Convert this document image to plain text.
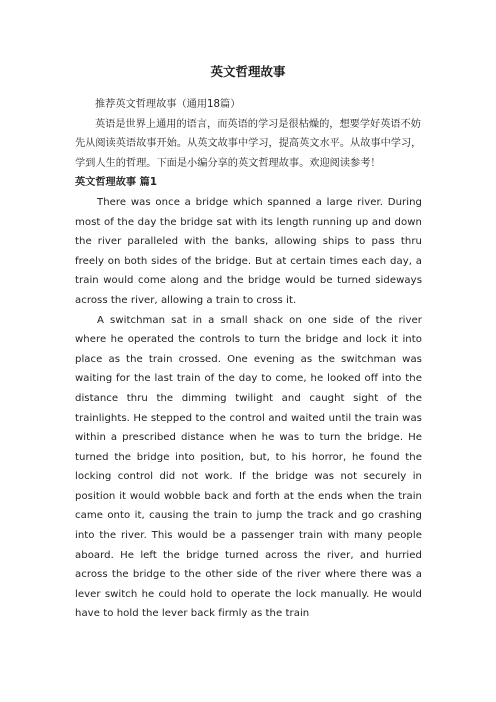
英文哲理故事

推荐英文哲理故事（通用18篇）

英语是世界上通用的语言，而英语的学习是很枯燥的，想要学好英语不妨先从阅读英语故事开始。从英文故事中学习，提高英文水平。从故事中学习，学到人生的哲理。下面是小编分享的英文哲理故事。欢迎阅读参考！

英文哲理故事 篇1

There was once a bridge which spanned a large river. During most of the day the bridge sat with its length running up and down the river paralleled with the banks, allowing ships to pass thru freely on both sides of the bridge. But at certain times each day, a train would come along and the bridge would be turned sideways across the river, allowing a train to cross it.

A switchman sat in a small shack on one side of the river where he operated the controls to turn the bridge and lock it into place as the train crossed. One evening as the switchman was waiting for the last train of the day to come, he looked off into the distance thru the dimming twilight and caught sight of the trainlights. He stepped to the control and waited until the train was within a prescribed distance when he was to turn the bridge. He turned the bridge into position, but, to his horror, he found the locking control did not work. If the bridge was not securely in position it would wobble back and forth at the ends when the train came onto it, causing the train to jump the track and go crashing into the river. This would be a passenger train with many people aboard. He left the bridge turned across the river, and hurried across the bridge to the other side of the river where there was a lever switch he could hold to operate the lock manually. He would have to hold the lever back firmly as the train
